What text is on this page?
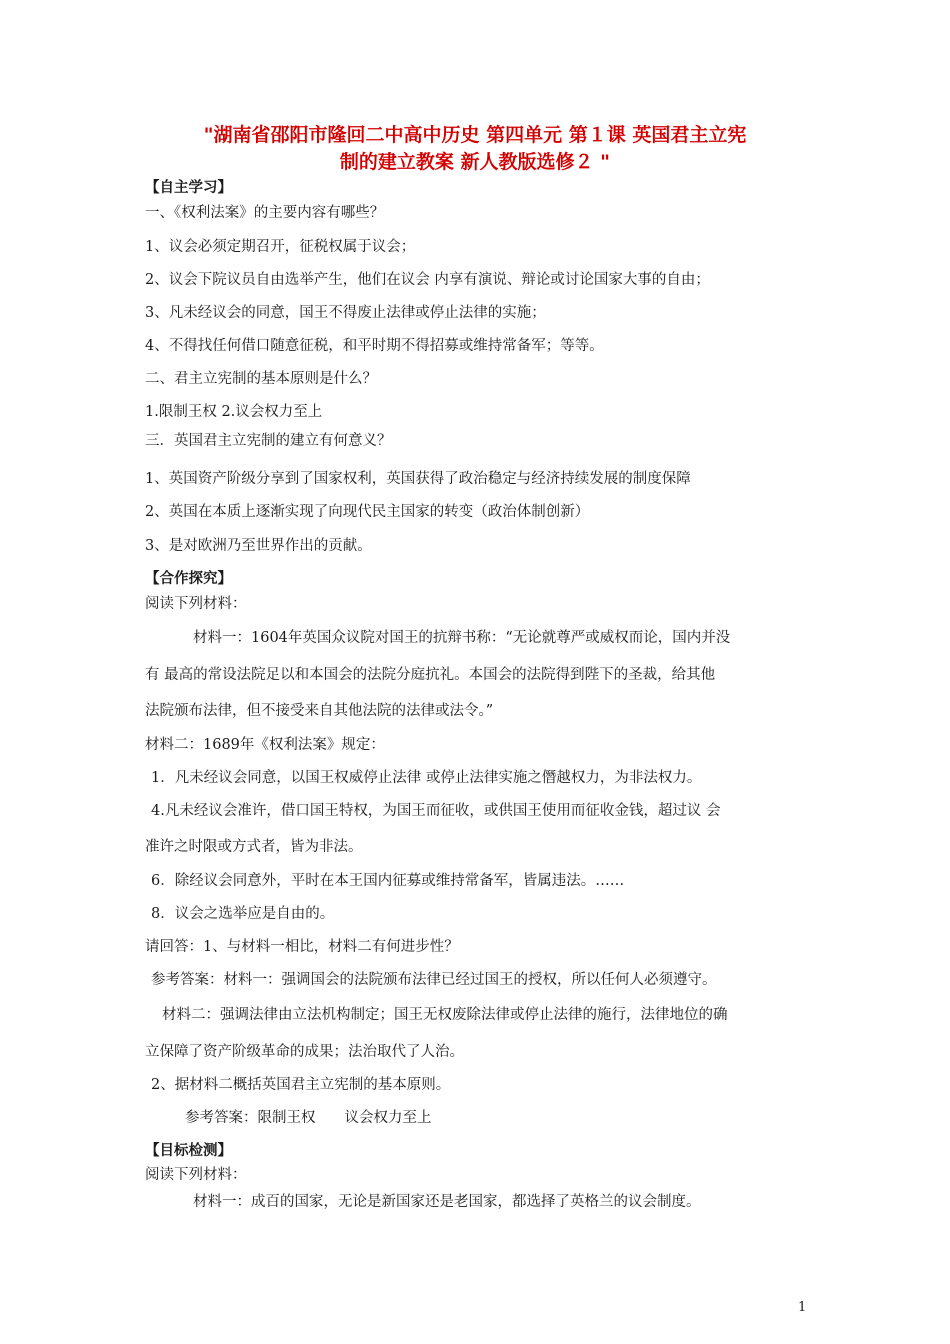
"湖南省邵阳市隆回二中高中历史 第四单元 第１课 英国君主立宪

制的建立教案 新人教版选修２ "

【自主学习】

一、《权利法案》的主要内容有哪些？

1、议会必须定期召开，征税权属于议会；

2、议会下院议员自由选举产生，他们在议会 内享有演说、辩论或讨论国家大事的自由；

3、凡未经议会的同意，国王不得废止法律或停止法律的实施；

4、不得找任何借口随意征税，和平时期不得招募或维持常备军；等等。

二、君主立宪制的基本原则是什么？

1.限制王权 2.议会权力至上

三．英国君主立宪制的建立有何意义？

1、英国资产阶级分享到了国家权利，英国获得了政治稳定与经济持续发展的制度保障

2、英国在本质上逐渐实现了向现代民主国家的转变（政治体制创新）

3、是对欧洲乃至世界作出的贡献。

【合作探究】

阅读下列材料：

材料一：1604年英国众议院对国王的抗辩书称：“无论就尊严或威权而论，国内并没

有 最高的常设法院足以和本国会的法院分庭抗礼。本国会的法院得到陛下的圣裁，给其他

法院颁布法律，但不接受来自其他法院的法律或法令。”

材料二：1689年《权利法案》规定：

1．凡未经议会同意，以国王权威停止法律 或停止法律实施之僭越权力，为非法权力。

4.凡未经议会准许，借口国王特权，为国王而征收，或供国王使用而征收金钱，超过议 会

准许之时限或方式者，皆为非法。

6．除经议会同意外，平时在本王国内征募或维持常备军，皆属违法。……

8．议会之选举应是自由的。

请回答：1、与材料一相比，材料二有何进步性？

参考答案：材料一：强调国会的法院颁布法律已经过国王的授权，所以任何人必须遵守。

材料二：强调法律由立法机构制定；国王无权废除法律或停止法律的施行，法律地位的确

立保障了资产阶级革命的成果；法治取代了人治。

2、据材料二概括英国君主立宪制的基本原则。

参考答案：限制王权　　议会权力至上

【目标检测】

阅读下列材料：

材料一：成百的国家，无论是新国家还是老国家，都选择了英格兰的议会制度。

1
